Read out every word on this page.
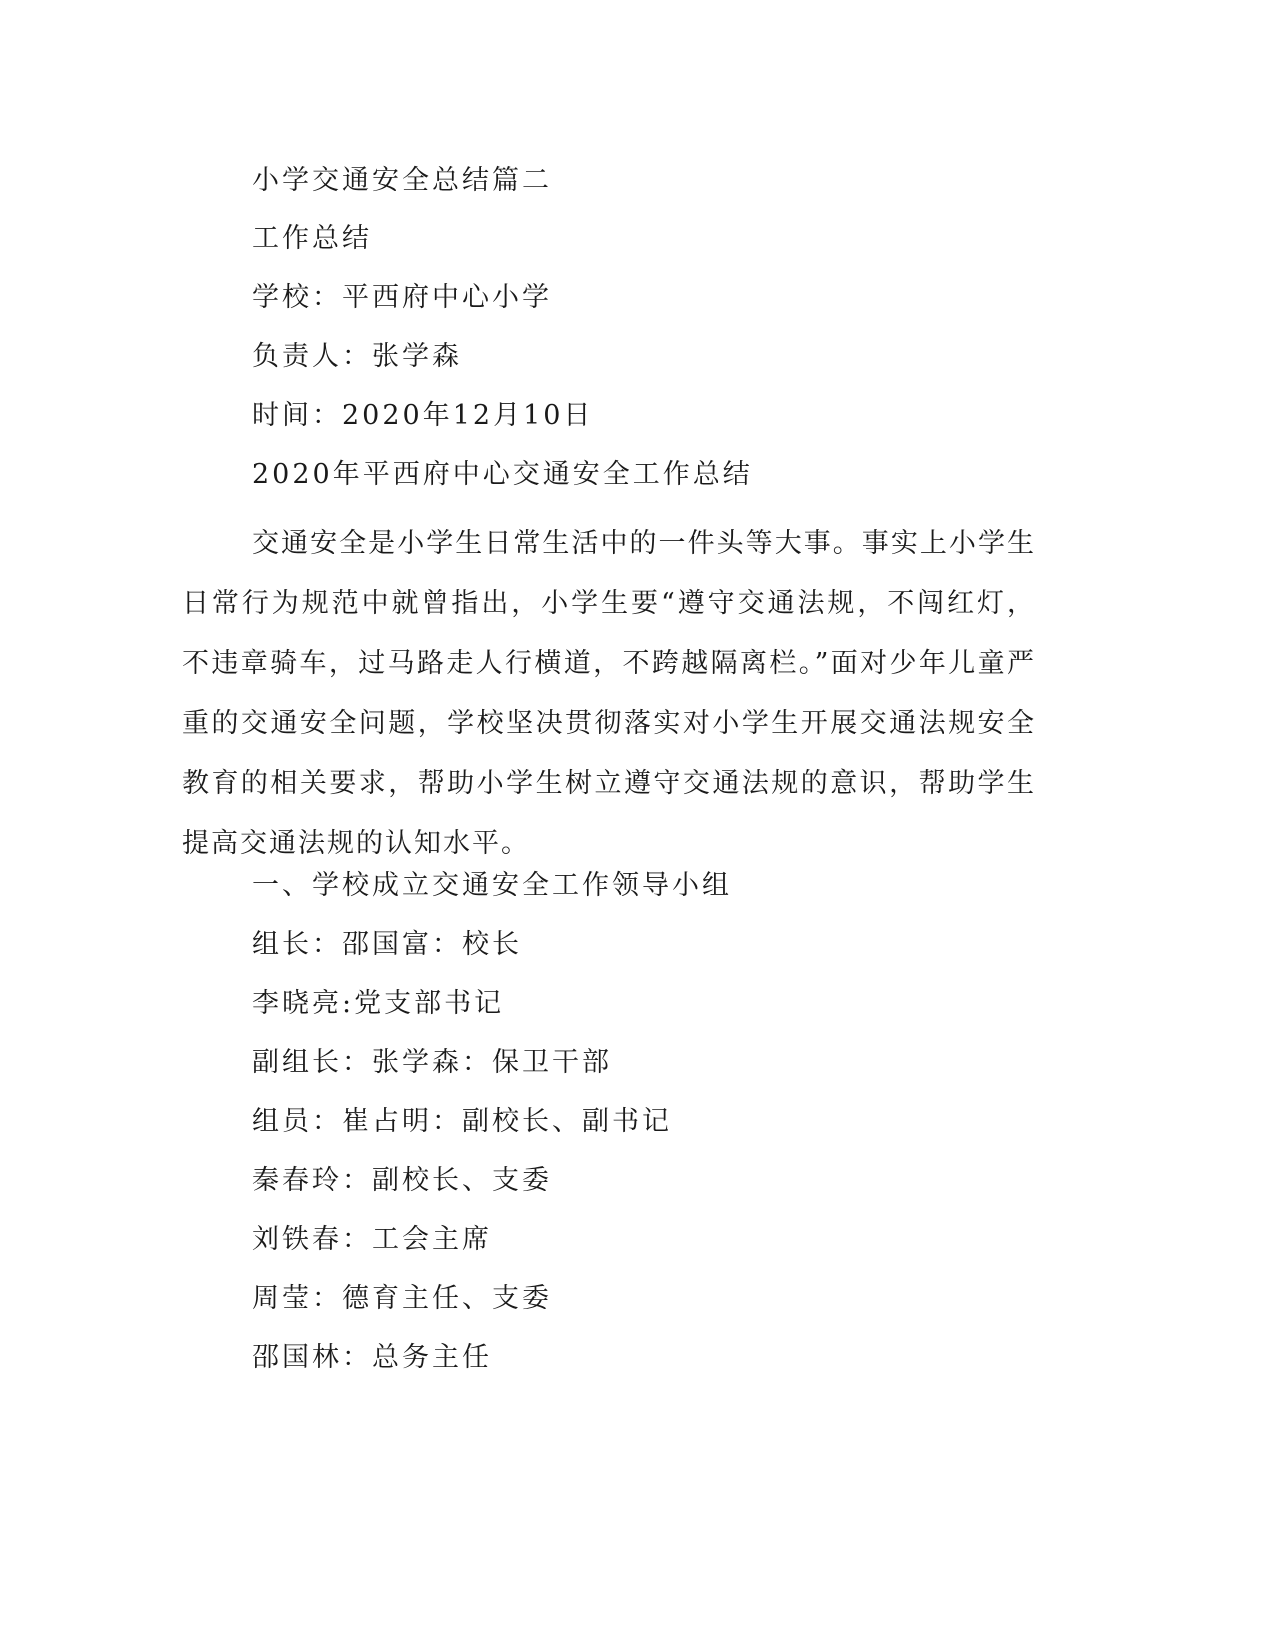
小学交通安全总结篇二
工作总结
学校：平西府中心小学
负责人：张学森
时间：2020年12月10日
2020年平西府中心交通安全工作总结

交通安全是小学生日常生活中的一件头等大事。事实上小学生日常行为规范中就曾指出，小学生要“遵守交通法规，不闯红灯，不违章骑车，过马路走人行横道，不跨越隔离栏。”面对少年儿童严重的交通安全问题，学校坚决贯彻落实对小学生开展交通法规安全教育的相关要求，帮助小学生树立遵守交通法规的意识，帮助学生提高交通法规的认知水平。

一、学校成立交通安全工作领导小组
组长：邵国富：校长
李晓亮:党支部书记
副组长：张学森：保卫干部
组员：崔占明：副校长、副书记
秦春玲：副校长、支委
刘铁春：工会主席
周莹：德育主任、支委
邵国林：总务主任
